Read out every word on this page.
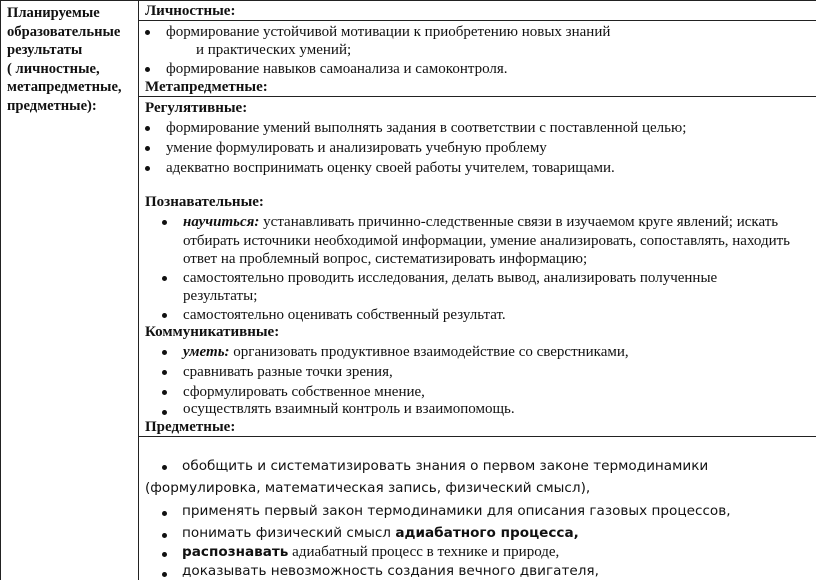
Планируемые
образовательные
результаты
( личностные,
метапредметные,
предметные):
Личностные:
формирование устойчивой мотивации к приобретению новых знаний
и практических умений;
формирование навыков самоанализа и самоконтроля.
Метапредметные:
Регулятивные:
формирование умений выполнять задания в соответствии с поставленной целью;
умение формулировать и анализировать учебную проблему
адекватно воспринимать оценку своей работы учителем, товарищами.
Познавательные:
научиться: устанавливать причинно-следственные связи в изучаемом круге явлений; искать
отбирать источники необходимой информации, умение анализировать, сопоставлять, находить
ответ на проблемный вопрос, систематизировать информацию;
самостоятельно проводить исследования, делать вывод, анализировать полученные
результаты;
самостоятельно оценивать собственный результат.
Коммуникативные:
уметь: организовать продуктивное взаимодействие со сверстниками,
сравнивать разные точки зрения,
сформулировать собственное мнение,
осуществлять взаимный контроль и взаимопомощь.
Предметные:
обобщить и систематизировать знания о первом законе термодинамики
(формулировка, математическая запись, физический смысл),
применять первый закон термодинамики для описания газовых процессов,
понимать физический смысл адиабатного процесса,
распознавать адиабатный процесс в технике и природе,
доказывать невозможность создания вечного двигателя,
